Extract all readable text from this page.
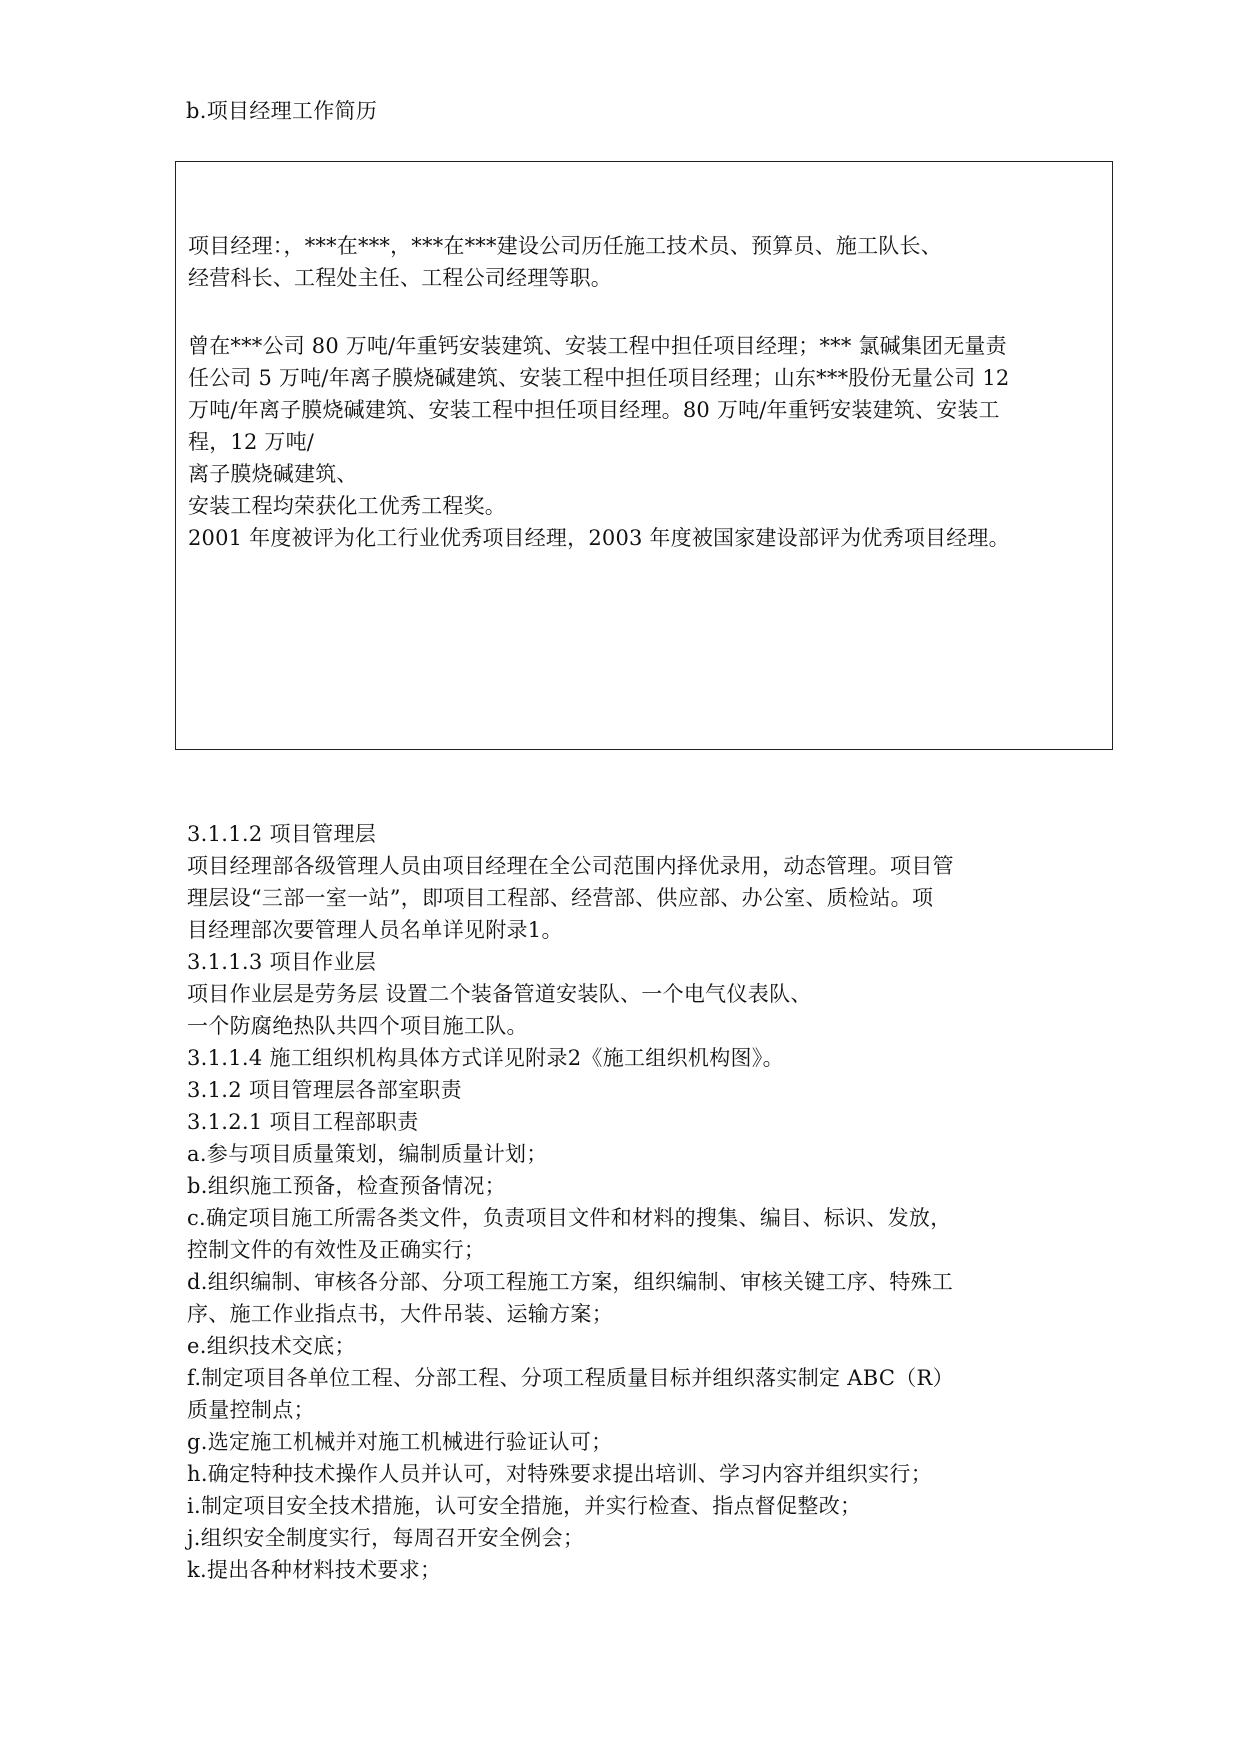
b.项目经理工作简历
项目经理：，***在***，***在***建设公司历任施工技术员、预算员、施工队长、
经营科长、工程处主任、工程公司经理等职。
曾在***公司 80 万吨/年重钙安装建筑、安装工程中担任项目经理；*** 氯碱集团无量责
任公司 5 万吨/年离子膜烧碱建筑、安装工程中担任项目经理；山东***股份无量公司 12
万吨/年离子膜烧碱建筑、安装工程中担任项目经理。80 万吨/年重钙安装建筑、安装工
程，12 万吨/
离子膜烧碱建筑、
安装工程均荣获化工优秀工程奖。
2001 年度被评为化工行业优秀项目经理，2003 年度被国家建设部评为优秀项目经理。
3.1.1.2 项目管理层
项目经理部各级管理人员由项目经理在全公司范围内择优录用，动态管理。项目管
理层设“三部一室一站”，即项目工程部、经营部、供应部、办公室、质检站。项
目经理部次要管理人员名单详见附录1。
3.1.1.3 项目作业层
项目作业层是劳务层 设置二个装备管道安装队、一个电气仪表队、
一个防腐绝热队共四个项目施工队。
3.1.1.4 施工组织机构具体方式详见附录2《施工组织机构图》。
3.1.2 项目管理层各部室职责
3.1.2.1 项目工程部职责
a.参与项目质量策划，编制质量计划；
b.组织施工预备，检查预备情况；
c.确定项目施工所需各类文件，负责项目文件和材料的搜集、编目、标识、发放，
控制文件的有效性及正确实行；
d.组织编制、审核各分部、分项工程施工方案，组织编制、审核关键工序、特殊工
序、施工作业指点书，大件吊装、运输方案；
e.组织技术交底；
f.制定项目各单位工程、分部工程、分项工程质量目标并组织落实制定 ABC（R）
质量控制点；
g.选定施工机械并对施工机械进行验证认可；
h.确定特种技术操作人员并认可，对特殊要求提出培训、学习内容并组织实行；
i.制定项目安全技术措施，认可安全措施，并实行检查、指点督促整改；
j.组织安全制度实行，每周召开安全例会；
k.提出各种材料技术要求；
